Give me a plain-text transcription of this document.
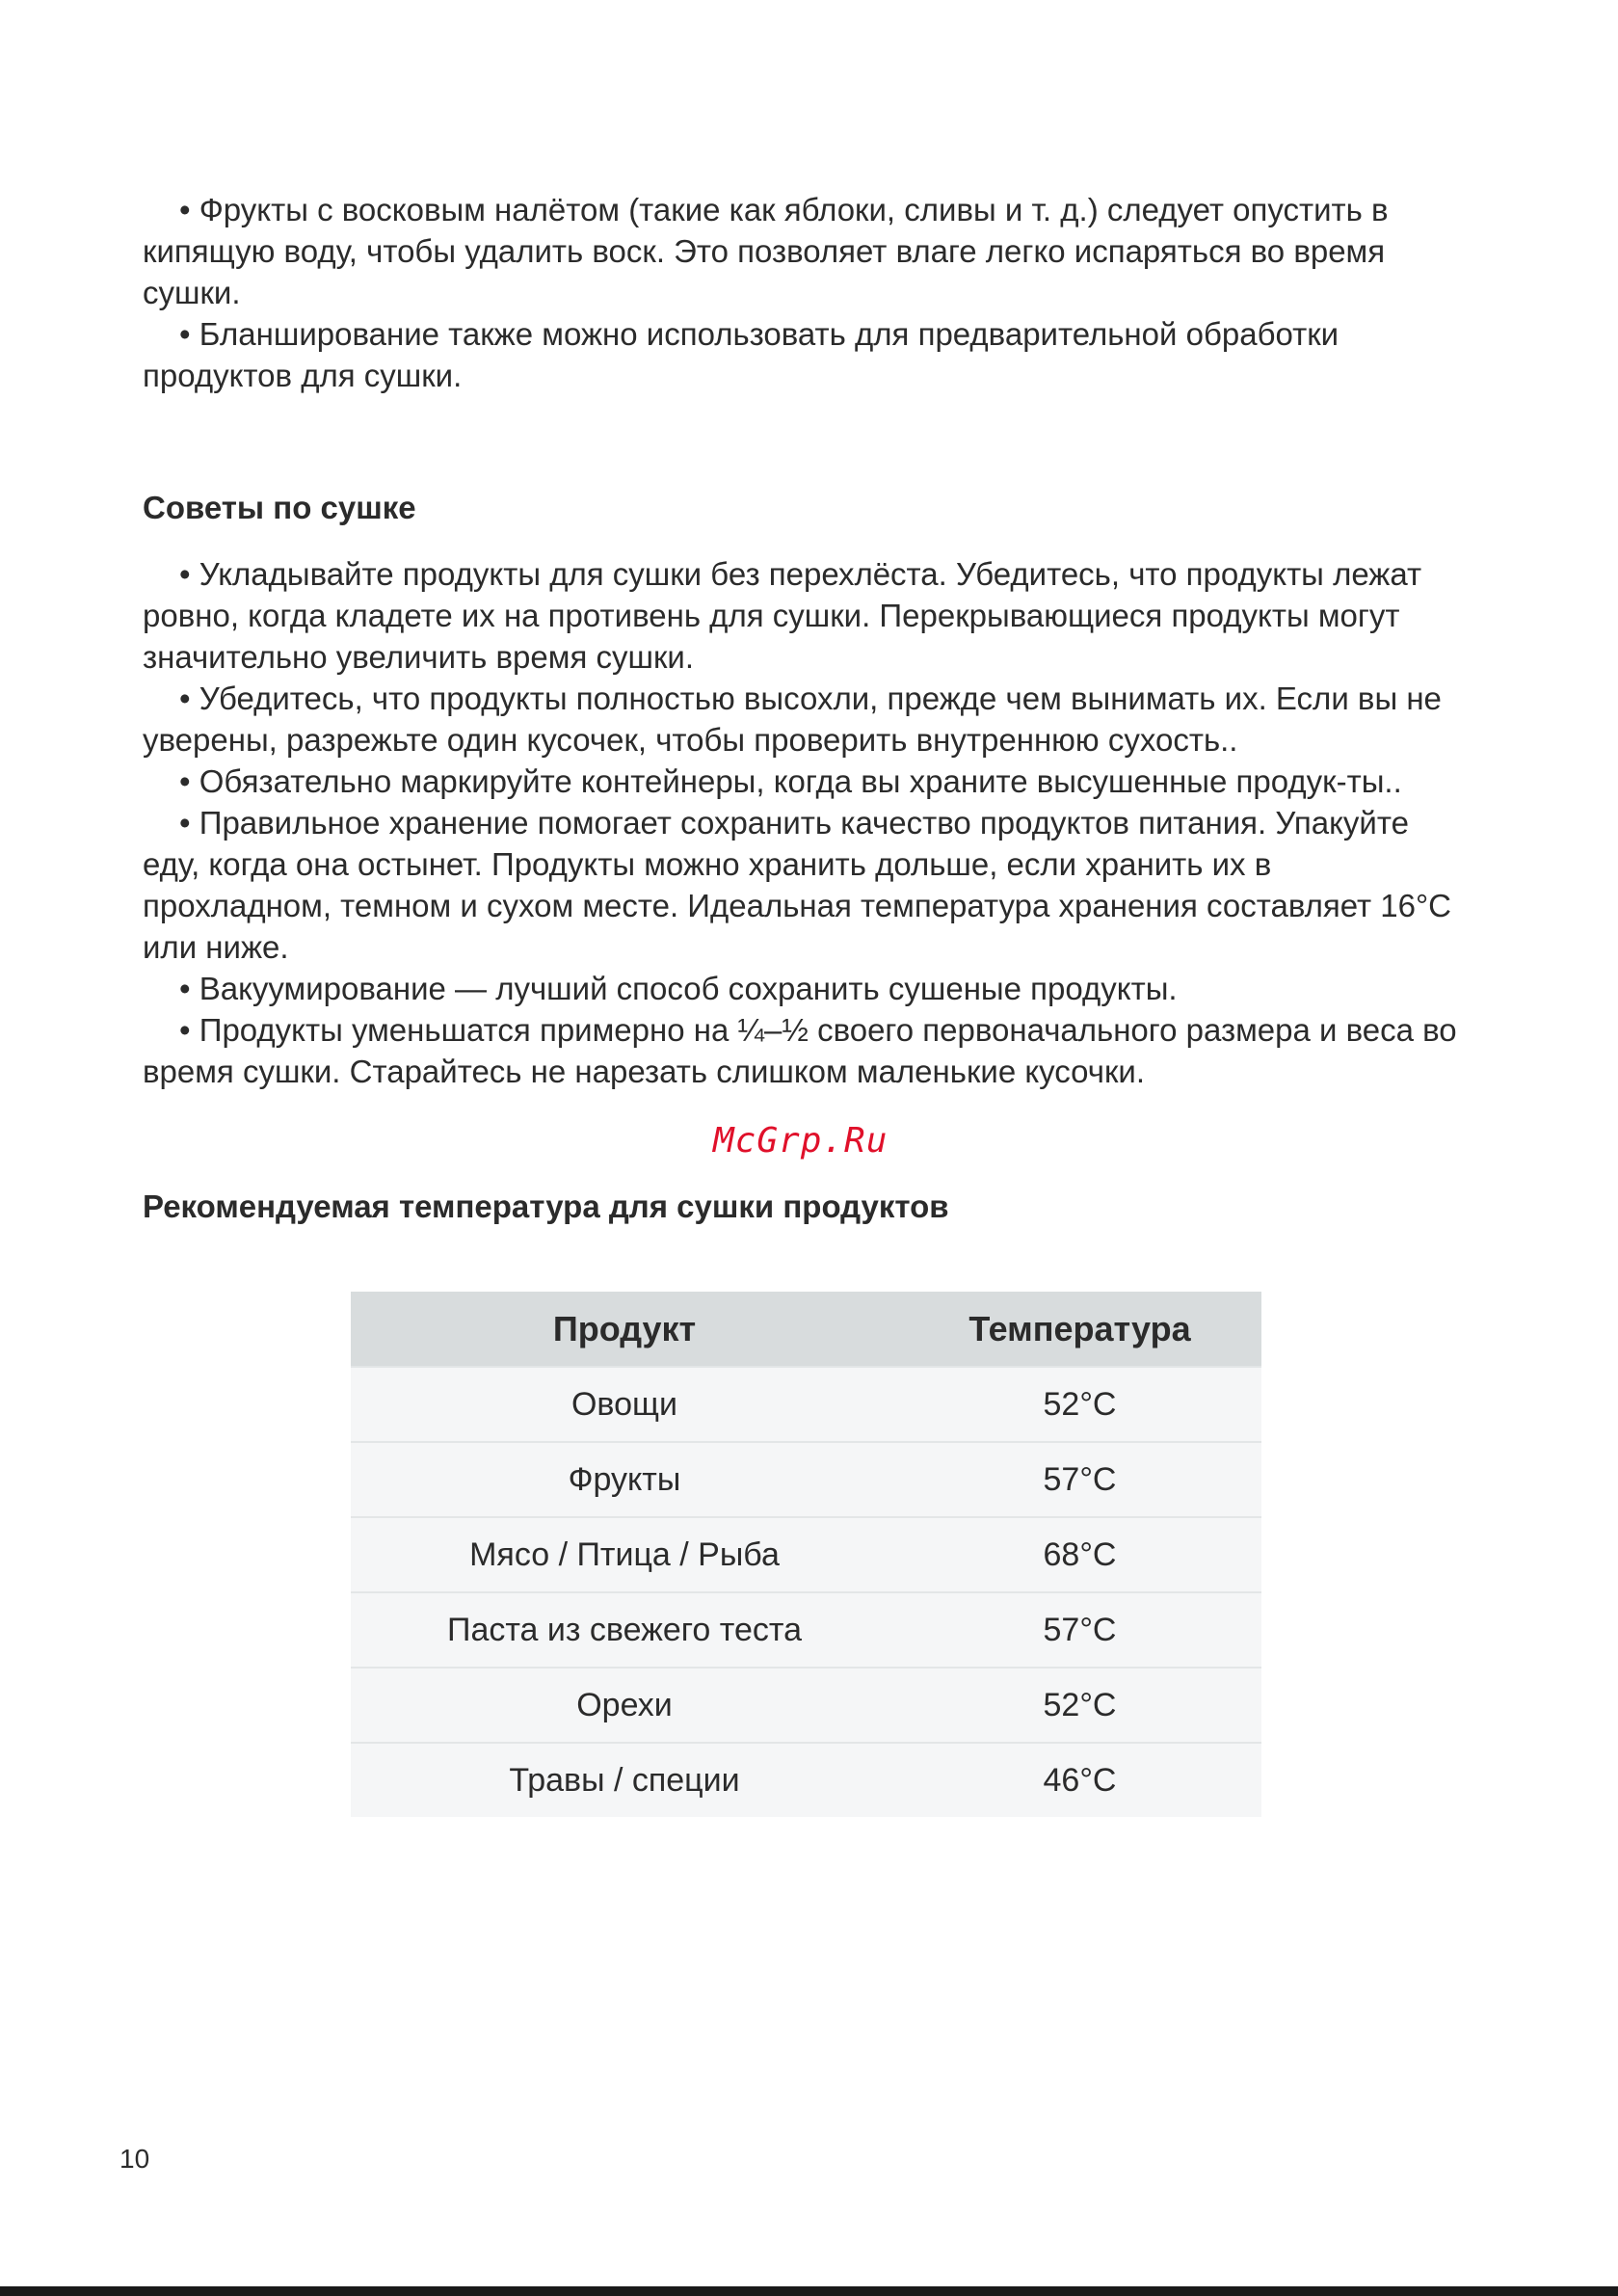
• Фрукты с восковым налётом (такие как яблоки, сливы и т. д.) следует опустить в кипящую воду, чтобы удалить воск. Это позволяет влаге легко испаряться во время сушки.

• Бланширование также можно использовать для предварительной обработки продуктов для сушки.

Советы по сушке

• Укладывайте продукты для сушки без перехлёста. Убедитесь, что продукты лежат ровно, когда кладете их на противень для сушки. Перекрывающиеся продукты могут значительно увеличить время сушки.

• Убедитесь, что продукты полностью высохли, прежде чем вынимать их. Если вы не уверены, разрежьте один кусочек, чтобы проверить внутреннюю сухость..

• Обязательно маркируйте контейнеры, когда вы храните высушенные продук-ты..

• Правильное хранение помогает сохранить качество продуктов питания. Упакуйте еду, когда она остынет. Продукты можно хранить дольше, если хранить их в прохладном, темном и сухом месте. Идеальная температура хранения составляет 16°С или ниже.

• Вакуумирование — лучший способ сохранить сушеные продукты.

• Продукты уменьшатся примерно на ¼–½ своего первоначального размера и веса во время сушки. Старайтесь не нарезать слишком маленькие кусочки.

McGrp.Ru
Рекомендуемая температура для сушки продуктов
Продукт	Температура
Овощи	52°C
Фрукты	57°C
Мясо / Птица / Рыба	68°C
Паста из свежего теста	57°C
Орехи	52°C
Травы / специи	46°C
10
